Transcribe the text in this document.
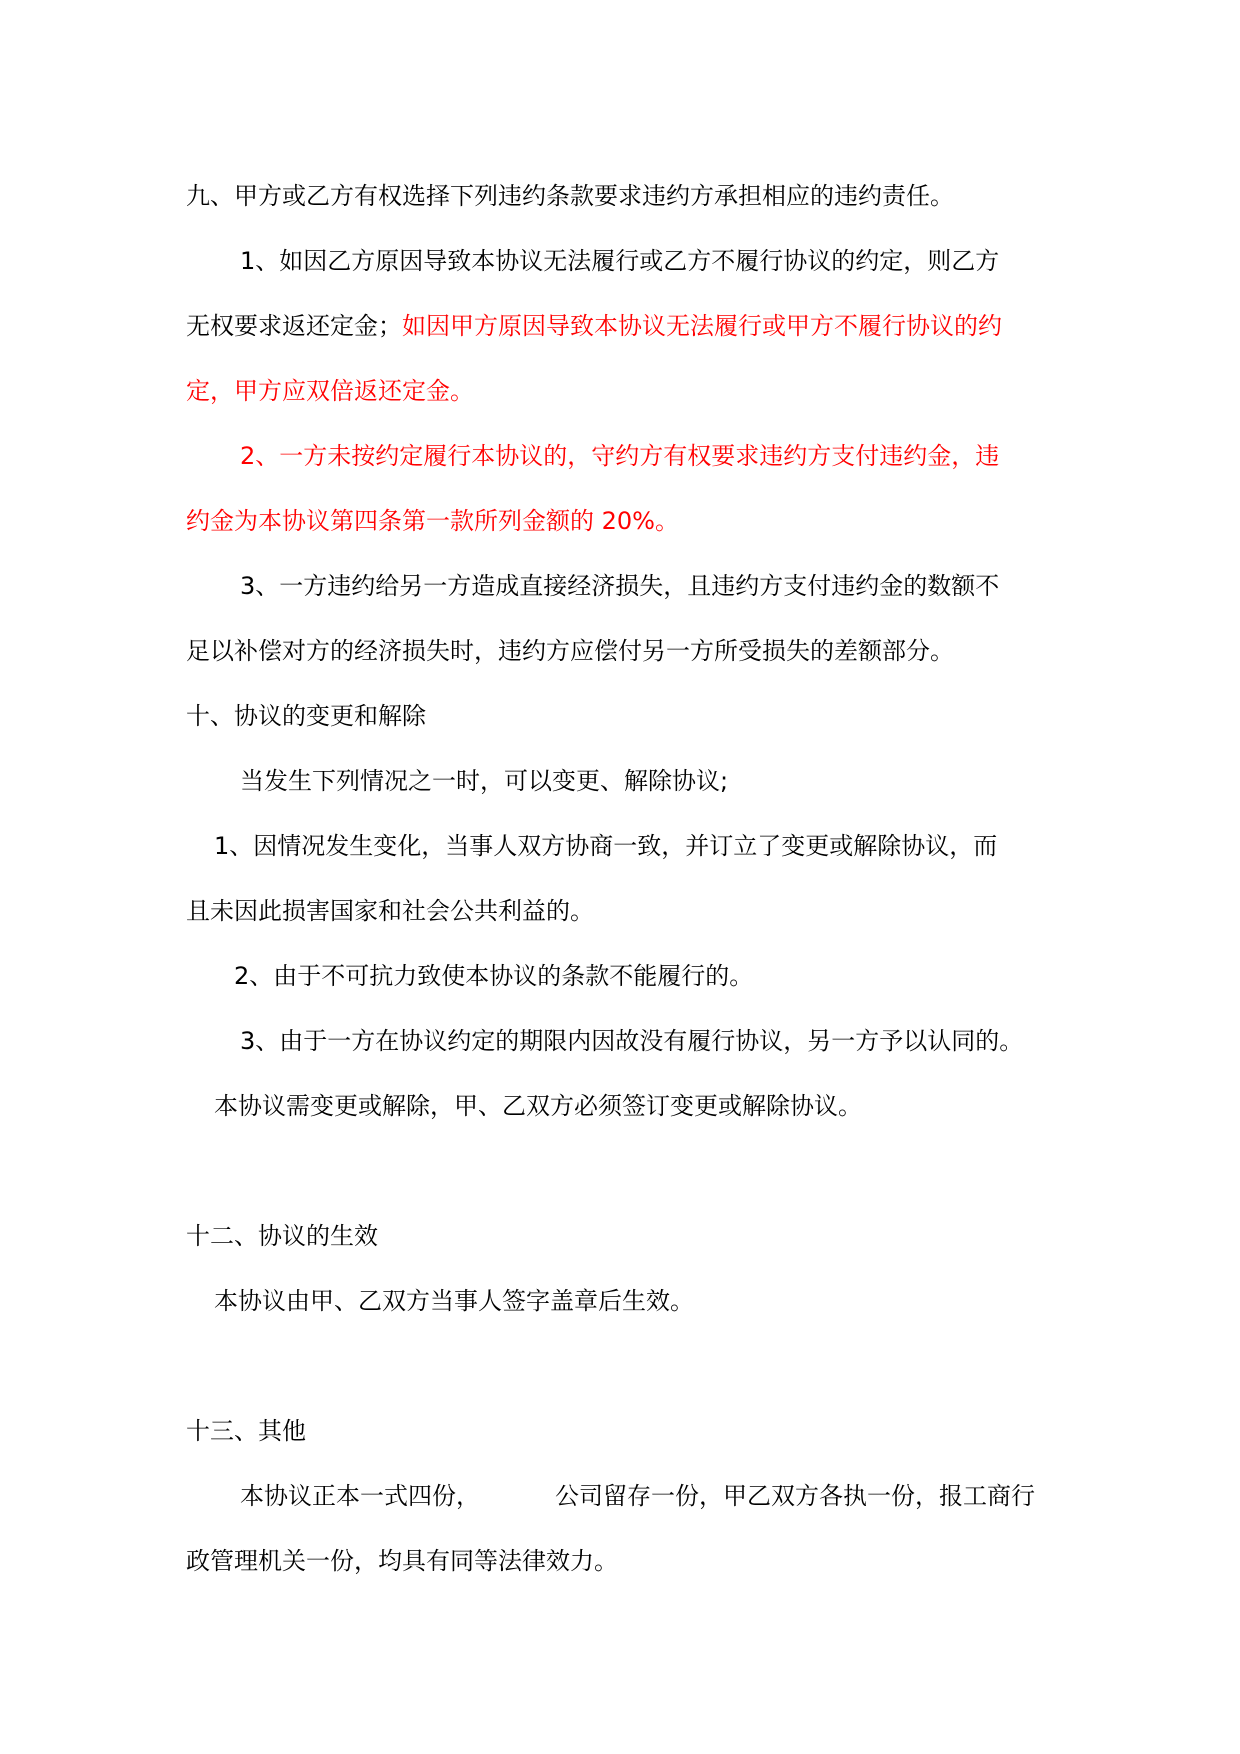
九、甲方或乙方有权选择下列违约条款要求违约方承担相应的违约责任。
1、如因乙方原因导致本协议无法履行或乙方不履行协议的约定，则乙方
无权要求返还定金；如因甲方原因导致本协议无法履行或甲方不履行协议的约
定，甲方应双倍返还定金。
2、一方未按约定履行本协议的，守约方有权要求违约方支付违约金，违
约金为本协议第四条第一款所列金额的 20%。
3、一方违约给另一方造成直接经济损失，且违约方支付违约金的数额不
足以补偿对方的经济损失时，违约方应偿付另一方所受损失的差额部分。
十、协议的变更和解除
当发生下列情况之一时，可以变更、解除协议;
1、因情况发生变化，当事人双方协商一致，并订立了变更或解除协议，而
且未因此损害国家和社会公共利益的。
2、由于不可抗力致使本协议的条款不能履行的。
3、由于一方在协议约定的期限内因故没有履行协议，另一方予以认同的。
本协议需变更或解除，甲、乙双方必须签订变更或解除协议。
十二、协议的生效
本协议由甲、乙双方当事人签字盖章后生效。
十三、其他
本协议正本一式四份，	公司留存一份，甲乙双方各执一份，报工商行
政管理机关一份，均具有同等法律效力。
